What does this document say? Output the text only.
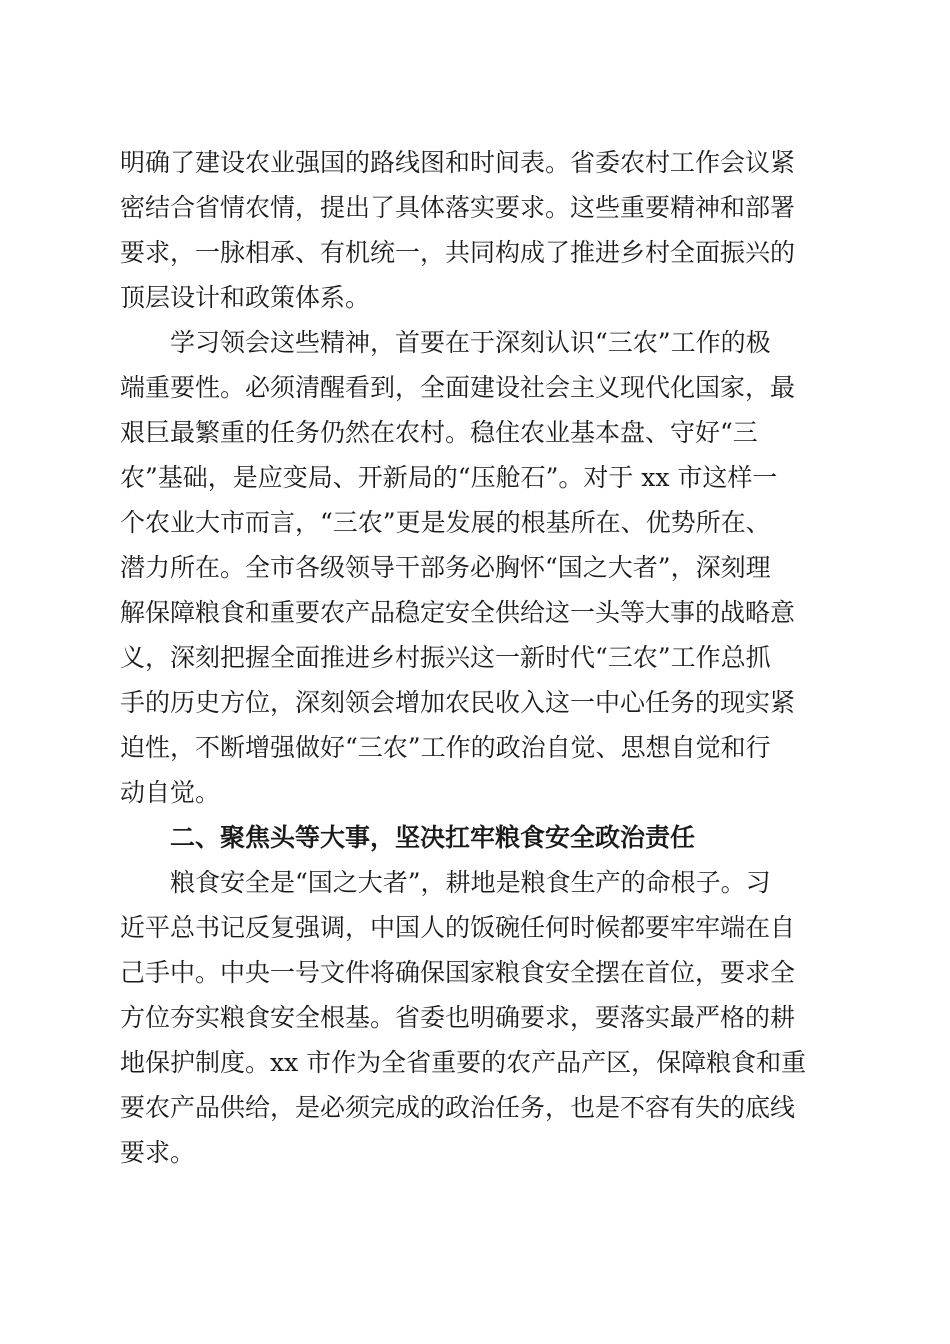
明确了建设农业强国的路线图和时间表。省委农村工作会议紧
密结合省情农情，提出了具体落实要求。这些重要精神和部署
要求，一脉相承、有机统一，共同构成了推进乡村全面振兴的
顶层设计和政策体系。
学习领会这些精神，首要在于深刻认识“三农”工作的极
端重要性。必须清醒看到，全面建设社会主义现代化国家，最
艰巨最繁重的任务仍然在农村。稳住农业基本盘、守好“三
农”基础，是应变局、开新局的“压舱石”。对于 xx 市这样一
个农业大市而言，“三农”更是发展的根基所在、优势所在、
潜力所在。全市各级领导干部务必胸怀“国之大者”，深刻理
解保障粮食和重要农产品稳定安全供给这一头等大事的战略意
义，深刻把握全面推进乡村振兴这一新时代“三农”工作总抓
手的历史方位，深刻领会增加农民收入这一中心任务的现实紧
迫性，不断增强做好“三农”工作的政治自觉、思想自觉和行
动自觉。
二、聚焦头等大事，坚决扛牢粮食安全政治责任
粮食安全是“国之大者”，耕地是粮食生产的命根子。习
近平总书记反复强调，中国人的饭碗任何时候都要牢牢端在自
己手中。中央一号文件将确保国家粮食安全摆在首位，要求全
方位夯实粮食安全根基。省委也明确要求，要落实最严格的耕
地保护制度。xx 市作为全省重要的农产品产区，保障粮食和重
要农产品供给，是必须完成的政治任务，也是不容有失的底线
要求。
